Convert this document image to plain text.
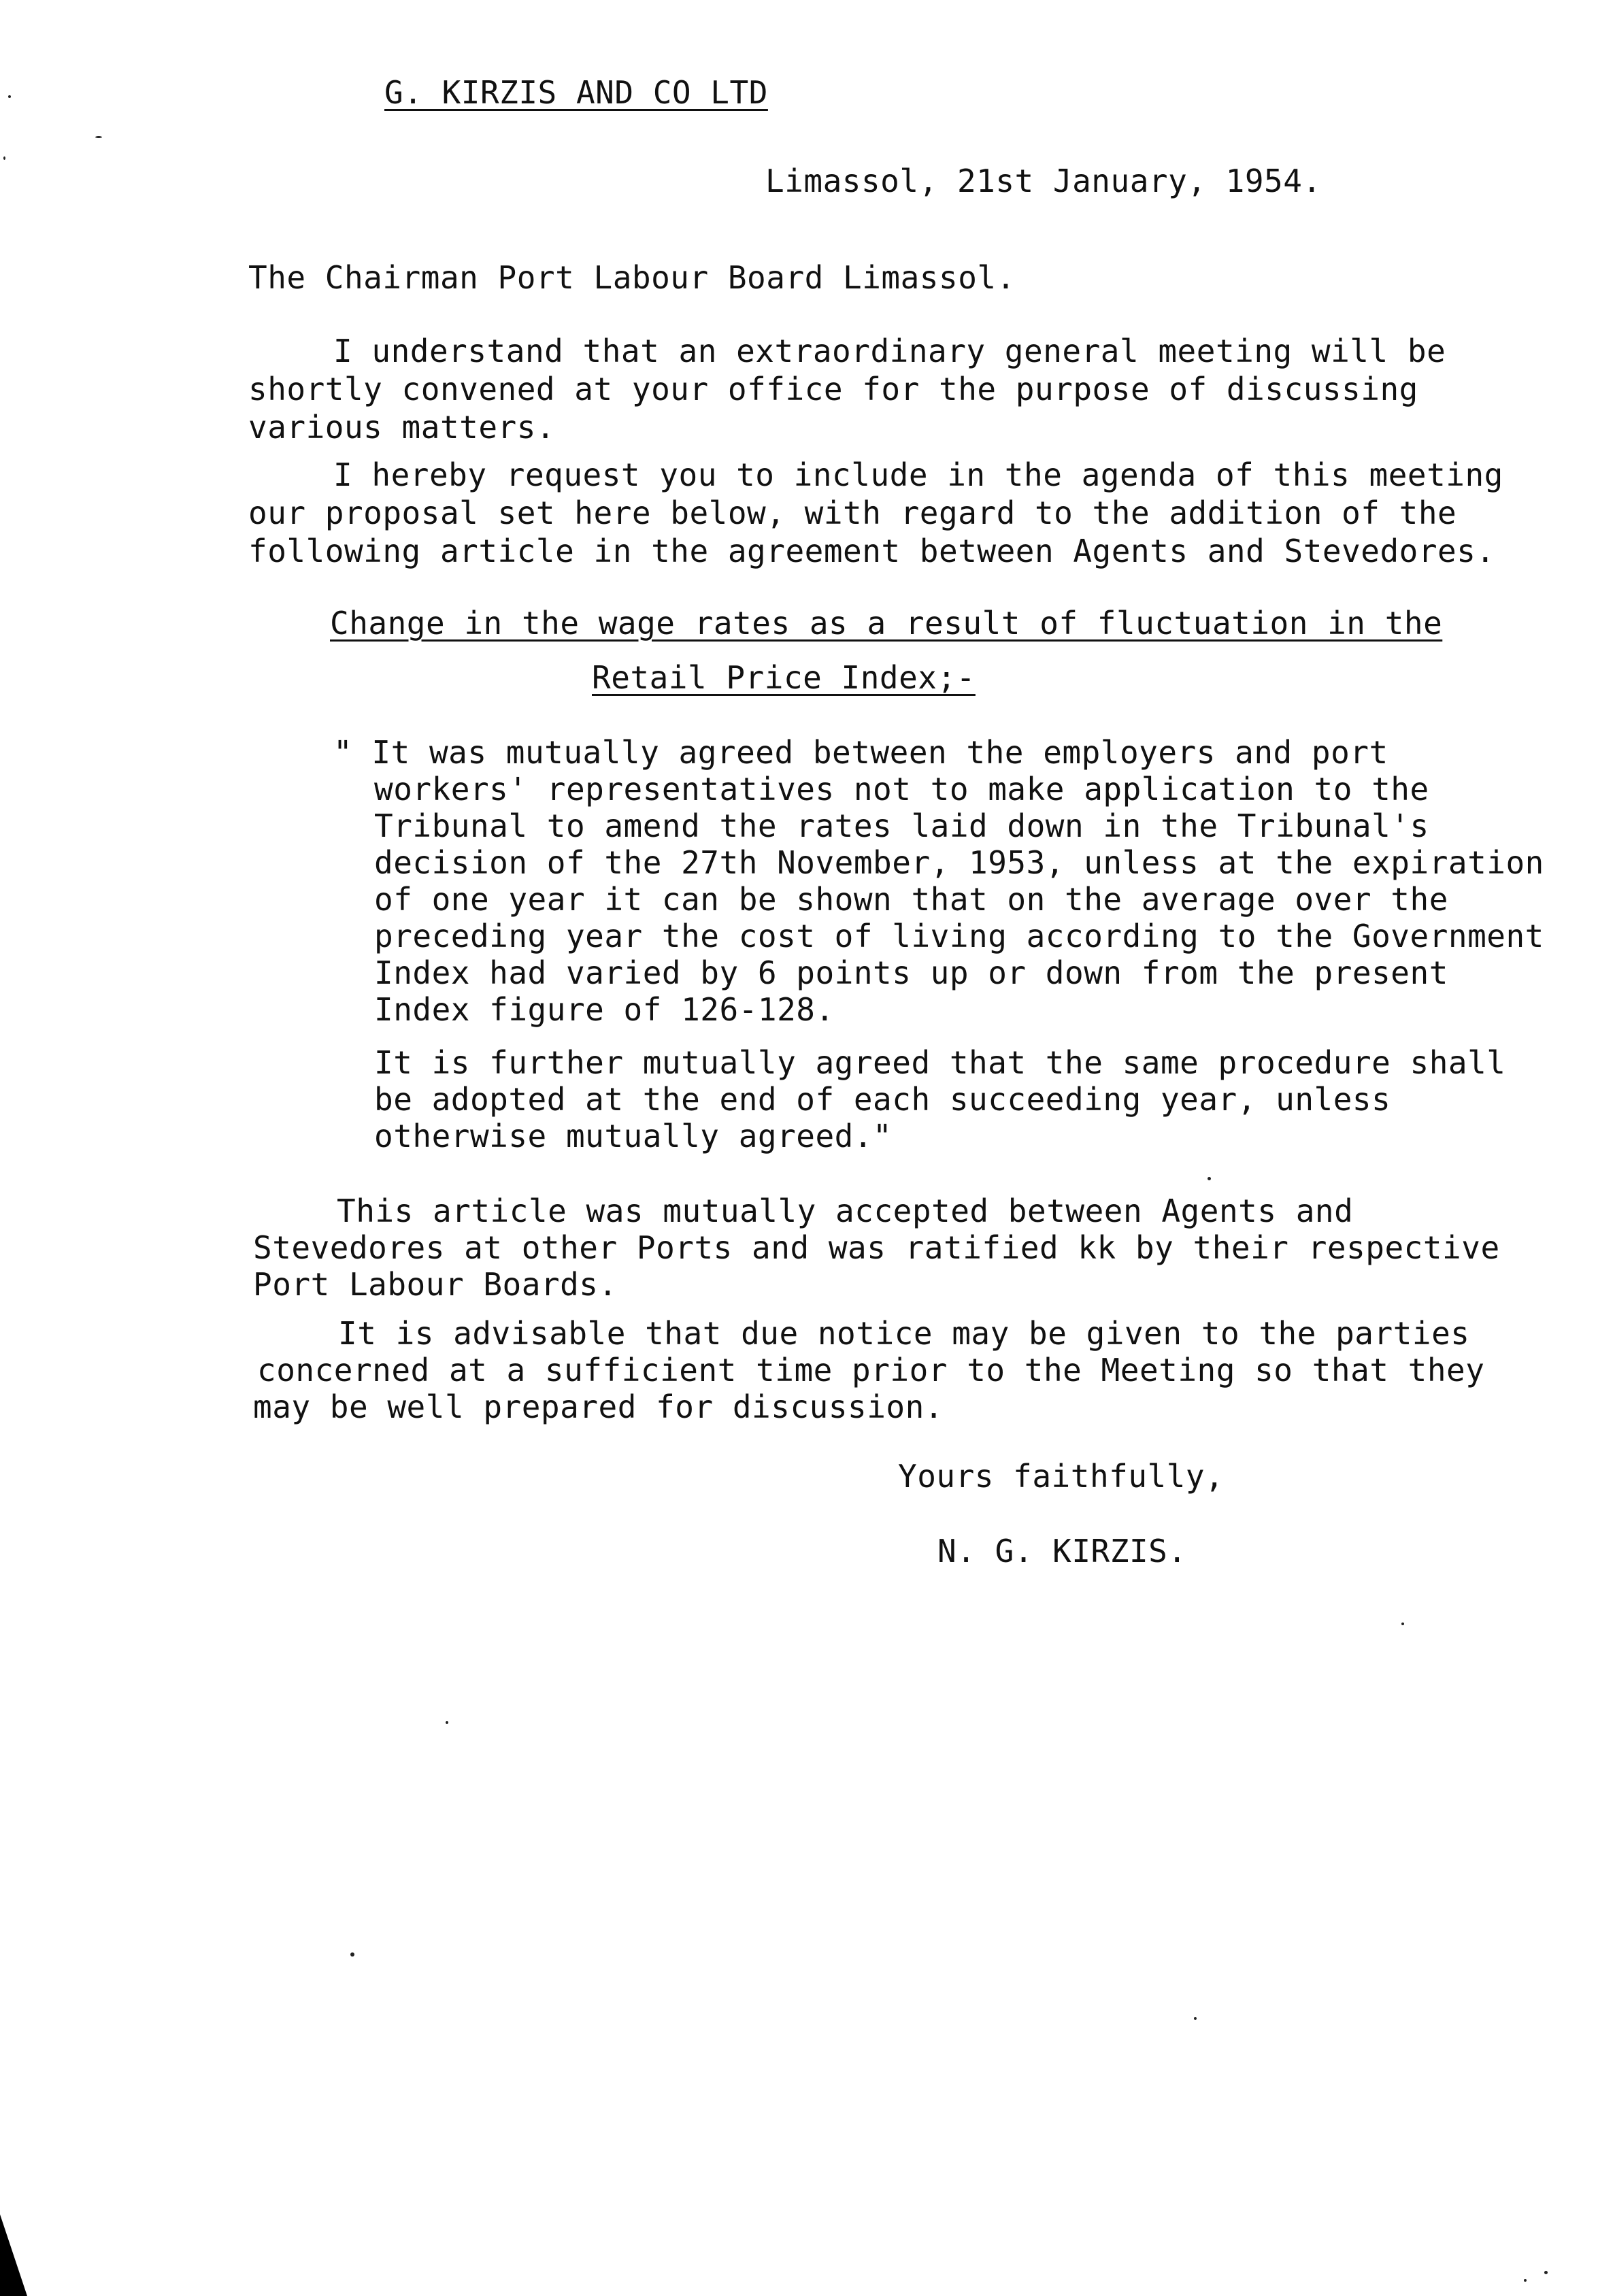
G. KIRZIS AND CO LTD
Limassol, 21st January, 1954.
The Chairman Port Labour Board Limassol.
I understand that an extraordinary general meeting will be
shortly convened at your office for the purpose of discussing
various matters.
I hereby request you to include in the agenda of this meeting
our proposal set here below, with regard to the addition of the
following article in the agreement between Agents and Stevedores.
Change in the wage rates as a result of fluctuation in the
Retail Price Index;-
" It was mutually agreed between the employers and port
workers' representatives not to make application to the
Tribunal to amend the rates laid down in the Tribunal's
decision of the 27th November, 1953, unless at the expiration
of one year it can be shown that on the average over the
preceding year the cost of living according to the Government
Index had varied by 6 points up or down from the present
Index figure of 126-128.
It is further mutually agreed that the same procedure shall
be adopted at the end of each succeeding year, unless
otherwise mutually agreed."
This article was mutually accepted between Agents and
Stevedores at other Ports and was ratified kk by their respective
Port Labour Boards.
It is advisable that due notice may be given to the parties
concerned at a sufficient time prior to the Meeting so that they
may be well prepared for discussion.
Yours faithfully,
N. G. KIRZIS.
